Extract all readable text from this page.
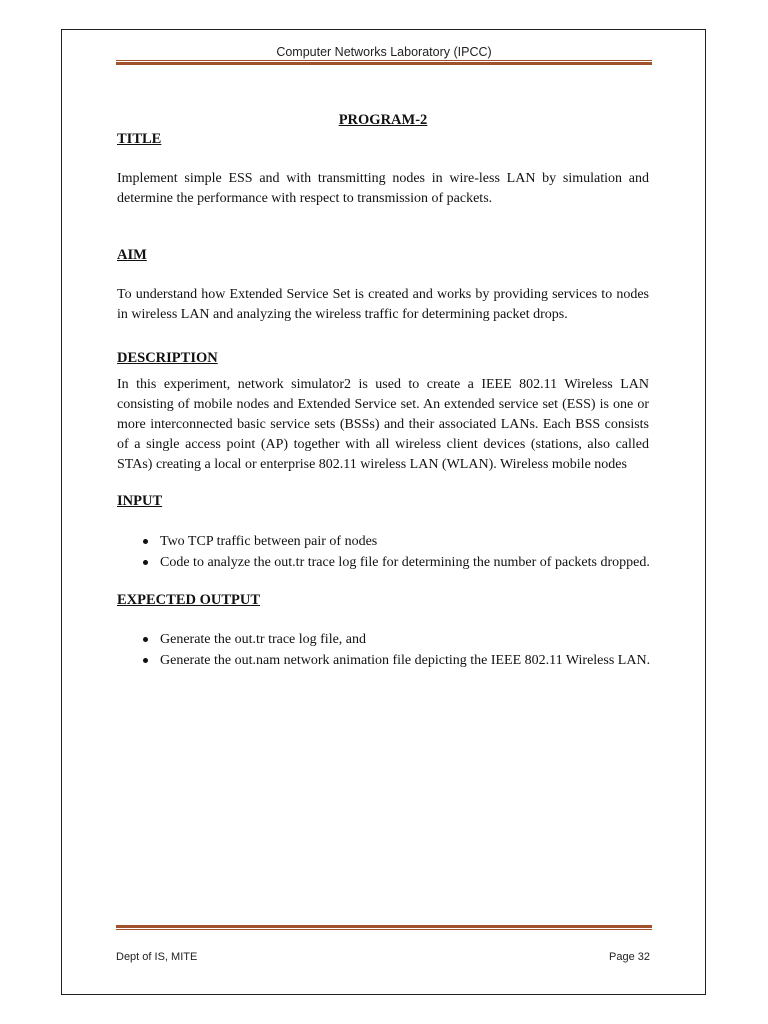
Computer Networks Laboratory (IPCC)
PROGRAM-2
TITLE
Implement simple ESS and with transmitting nodes in wire-less LAN by simulation and determine the performance with respect to transmission of packets.
AIM
To understand how Extended Service Set is created and works by providing services to nodes in wireless LAN and analyzing the wireless traffic for determining packet drops.
DESCRIPTION
In this experiment, network simulator2 is used to create a IEEE 802.11 Wireless LAN consisting of mobile nodes and Extended Service set. An extended service set (ESS) is one or more interconnected basic service sets (BSSs) and their associated LANs. Each BSS consists of a single access point (AP) together with all wireless client devices (stations, also called STAs) creating a local or enterprise 802.11 wireless LAN (WLAN). Wireless mobile nodes
INPUT
Two TCP traffic between pair of nodes
Code to analyze the out.tr trace log file for determining the number of packets dropped.
EXPECTED OUTPUT
Generate the out.tr trace log file, and
Generate the out.nam network animation file depicting the IEEE 802.11 Wireless LAN.
Dept of IS, MITE	Page 32
